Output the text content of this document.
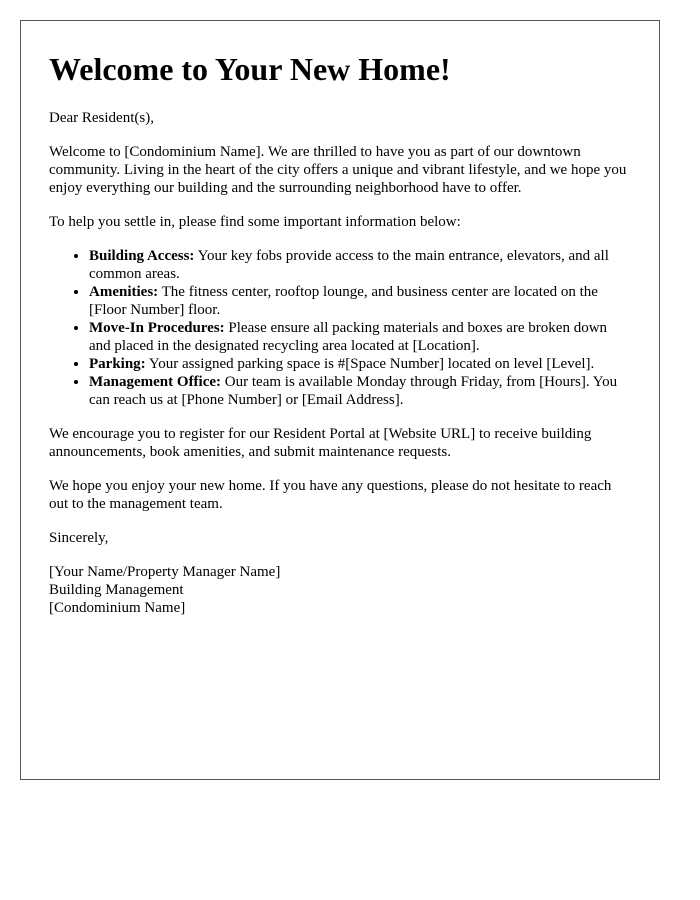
Welcome to Your New Home!

Dear Resident(s),

Welcome to [Condominium Name]. We are thrilled to have you as part of our downtown community. Living in the heart of the city offers a unique and vibrant lifestyle, and we hope you enjoy everything our building and the surrounding neighborhood have to offer.

To help you settle in, please find some important information below:

• Building Access: Your key fobs provide access to the main entrance, elevators, and all common areas.
• Amenities: The fitness center, rooftop lounge, and business center are located on the [Floor Number] floor.
• Move-In Procedures: Please ensure all packing materials and boxes are broken down and placed in the designated recycling area located at [Location].
• Parking: Your assigned parking space is #[Space Number] located on level [Level].
• Management Office: Our team is available Monday through Friday, from [Hours]. You can reach us at [Phone Number] or [Email Address].

We encourage you to register for our Resident Portal at [Website URL] to receive building announcements, book amenities, and submit maintenance requests.

We hope you enjoy your new home. If you have any questions, please do not hesitate to reach out to the management team.

Sincerely,

[Your Name/Property Manager Name]
Building Management
[Condominium Name]
